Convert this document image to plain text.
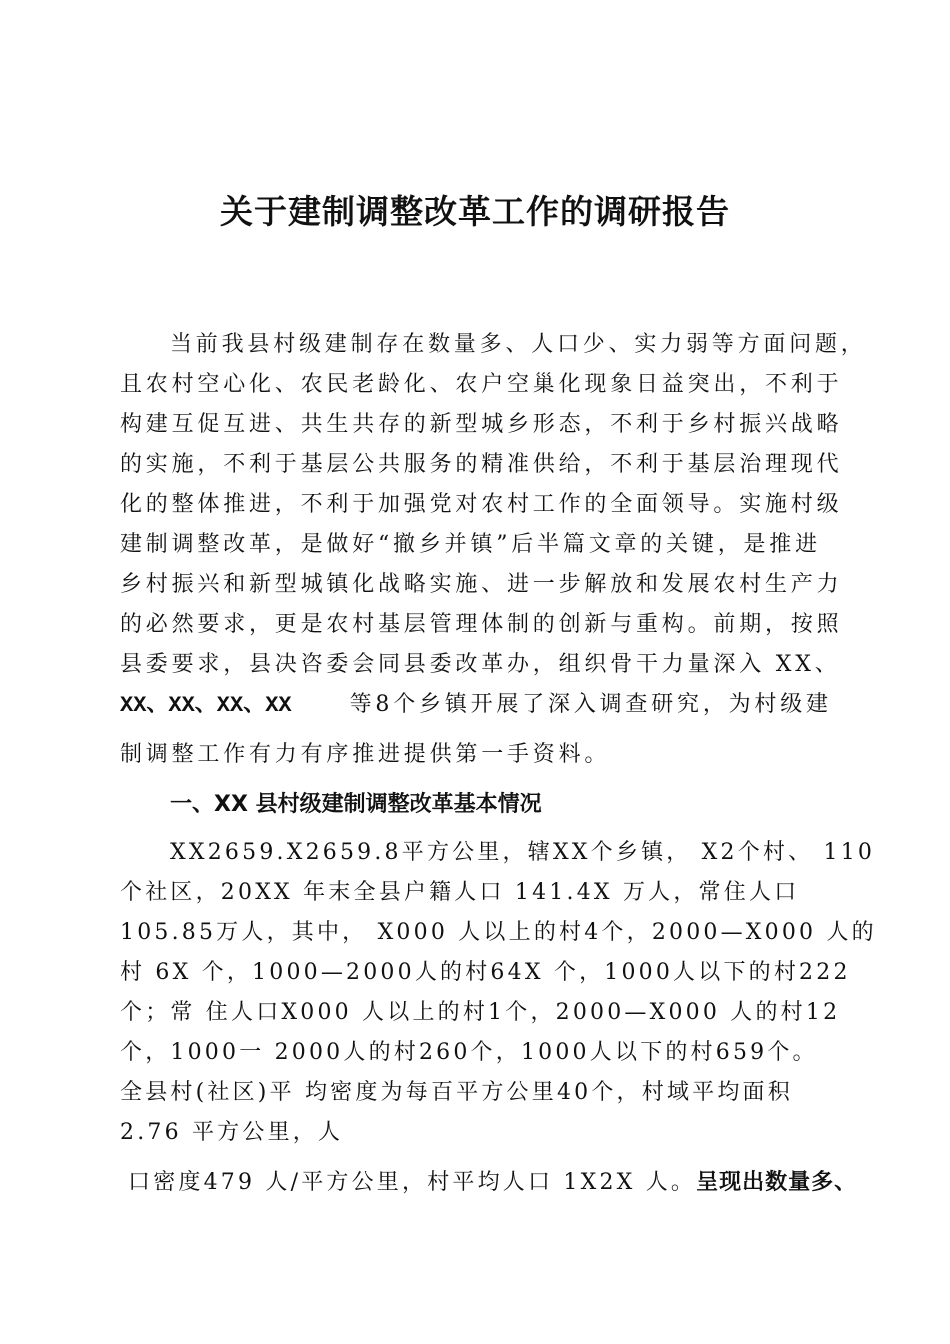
关于建制调整改革工作的调研报告

当前我县村级建制存在数量多、人口少、实力弱等方面问题，

且农村空心化、农民老龄化、农户空巢化现象日益突出，不利于

构建互促互进、共生共存的新型城乡形态，不利于乡村振兴战略

的实施，不利于基层公共服务的精准供给，不利于基层治理现代

化的整体推进，不利于加强党对农村工作的全面领导。实施村级

建制调整改革，是做好“撤乡并镇”后半篇文章的关键，是推进

乡村振兴和新型城镇化战略实施、进一步解放和发展农村生产力

的必然要求，更是农村基层管理体制的创新与重构。前期，按照

县委要求，县决咨委会同县委改革办，组织骨干力量深入 XX、

XX、XX、XX、XX	等8个乡镇开展了深入调查研究，为村级建

制调整工作有力有序推进提供第一手资料。

一、XX 县村级建制调整改革基本情况

XX2659.X2659.8平方公里，辖XX个乡镇， X2个村、 110

个社区，20XX 年末全县户籍人口 141.4X 万人，常住人口

105.85万人，其中， X000 人以上的村4个，2000—X000 人的

村 6X 个，1000—2000人的村64X 个，1000人以下的村222

个；常 住人口X000 人以上的村1个，2000—X000 人的村12

个，1000一 2000人的村260个，1000人以下的村659个。

全县村(社区)平 均密度为每百平方公里40个，村域平均面积

2.76 平方公里，人

口密度479 人/平方公里，村平均人口 1X2X 人。呈现出数量多、
